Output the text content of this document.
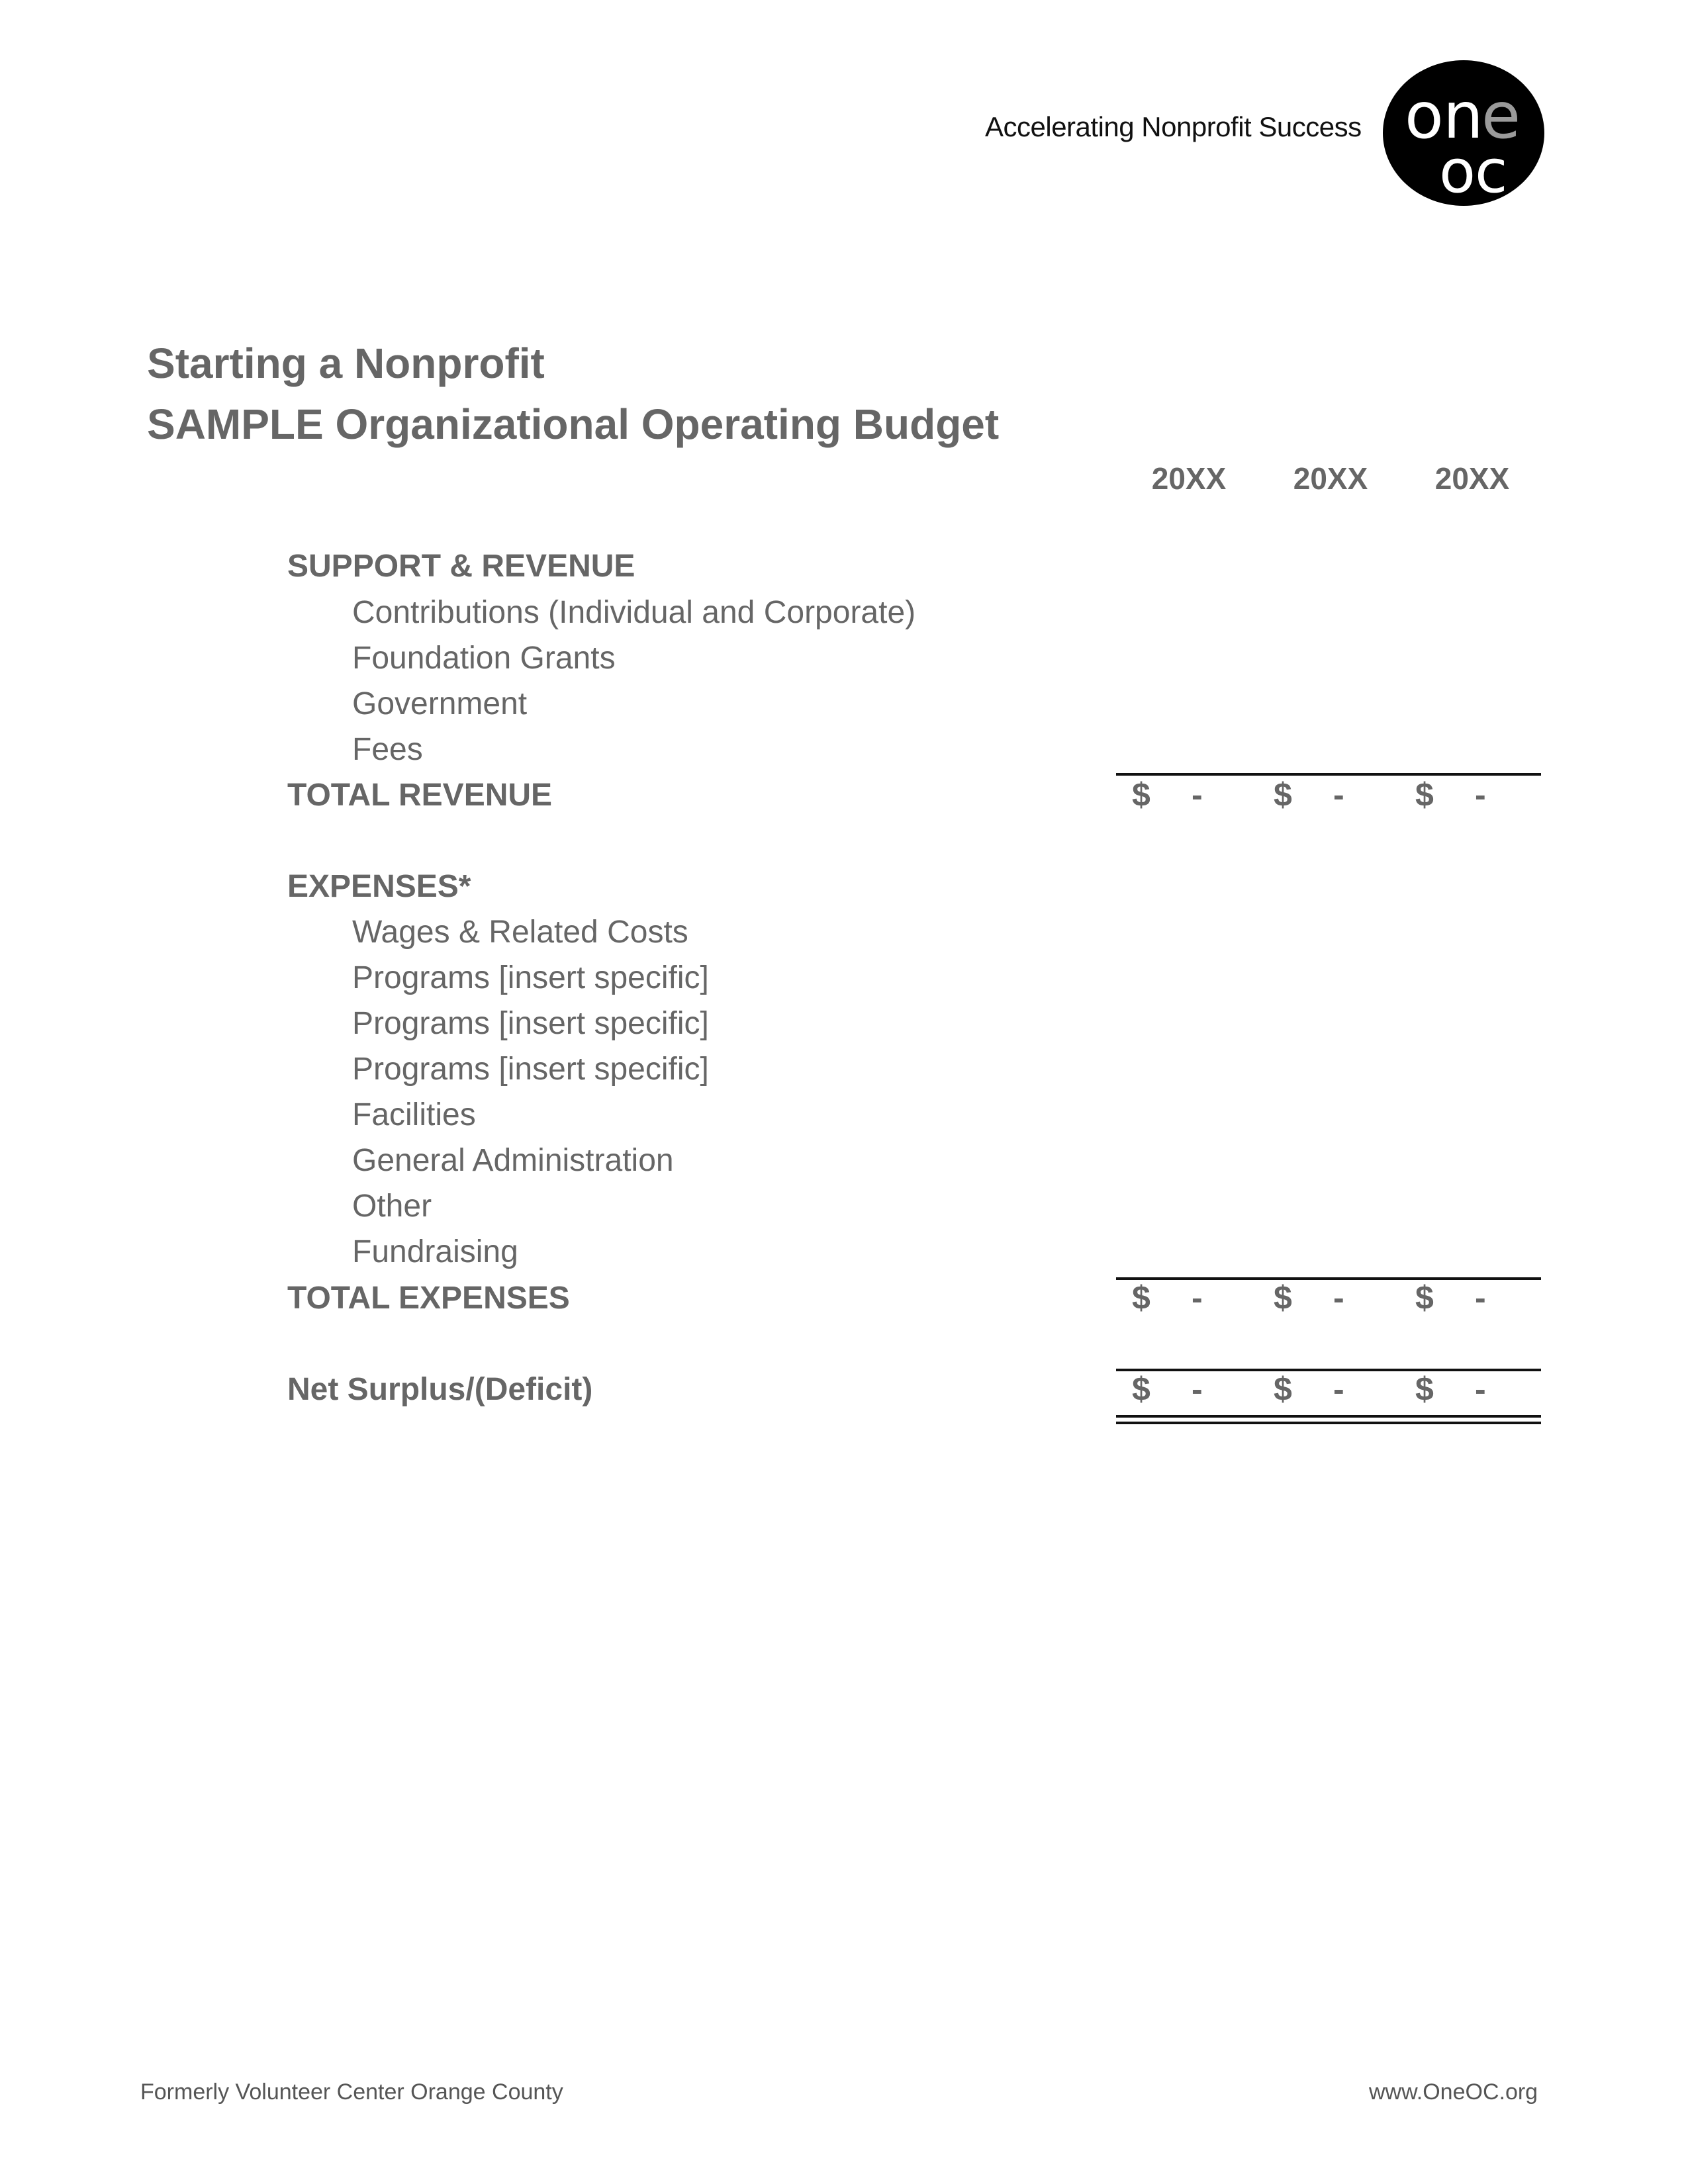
Accelerating Nonprofit Success o n e
o c
Starting a Nonprofit
SAMPLE Organizational Operating Budget
20XX	20XX	20XX
SUPPORT & REVENUE
Contributions (Individual and Corporate)
Foundation Grants
Government
Fees
TOTAL REVENUE	$ - $ - $ -
EXPENSES*
Wages & Related Costs
Programs [insert specific]
Programs [insert specific]
Programs [insert specific]
Facilities
General Administration
Other
Fundraising
TOTAL EXPENSES	$ - $ - $ -
Net Surplus/(Deficit)	$ - $ - $ -
Formerly Volunteer Center Orange County	www.OneOC.org
